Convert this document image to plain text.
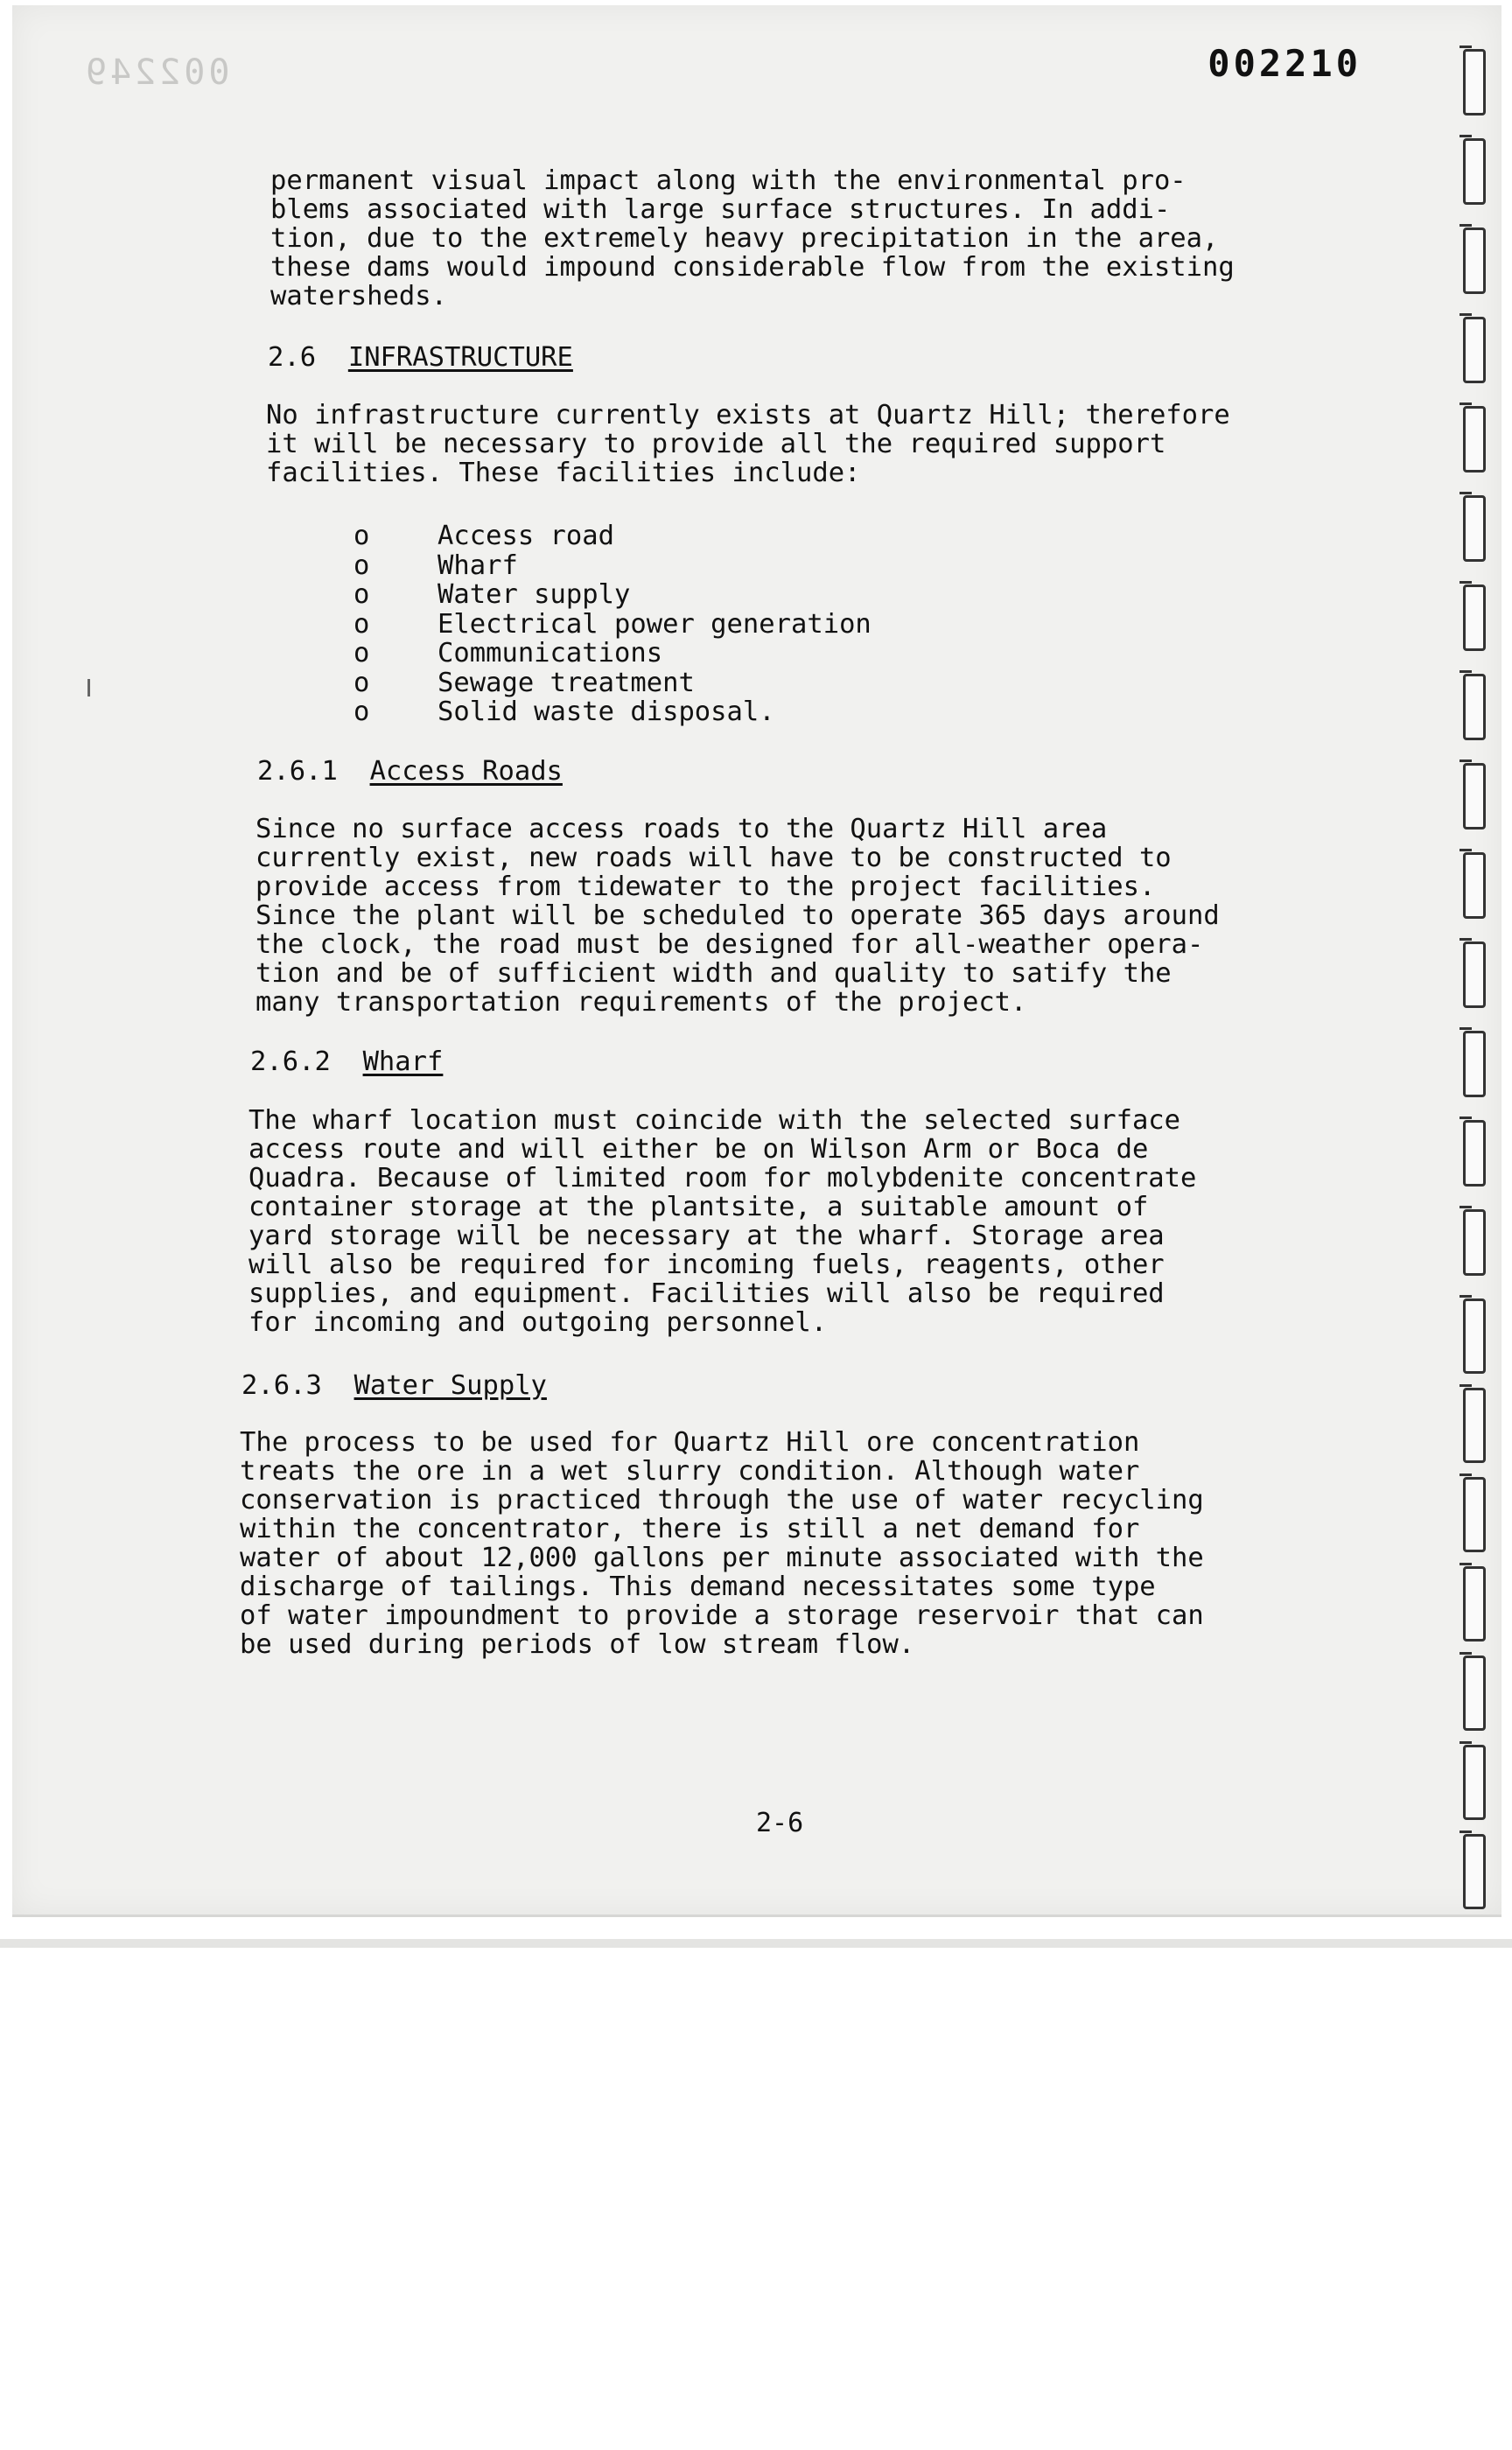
002249	002210
permanent visual impact along with the environmental pro-
blems associated with large surface structures. In addi-
tion, due to the extremely heavy precipitation in the area,
these dams would impound considerable flow from the existing
watersheds.
2.6 INFRASTRUCTURE
No infrastructure currently exists at Quartz Hill; therefore
it will be necessary to provide all the required support
facilities. These facilities include:
o	Access road
o	Wharf
o	Water supply
o	Electrical power generation
o	Communications
o	Sewage treatment
o	Solid waste disposal.
2.6.1 Access Roads
Since no surface access roads to the Quartz Hill area
currently exist, new roads will have to be constructed to
provide access from tidewater to the project facilities.
Since the plant will be scheduled to operate 365 days around
the clock, the road must be designed for all-weather opera-
tion and be of sufficient width and quality to satify the
many transportation requirements of the project.
2.6.2 Wharf
The wharf location must coincide with the selected surface
access route and will either be on Wilson Arm or Boca de
Quadra. Because of limited room for molybdenite concentrate
container storage at the plantsite, a suitable amount of
yard storage will be necessary at the wharf. Storage area
will also be required for incoming fuels, reagents, other
supplies, and equipment. Facilities will also be required
for incoming and outgoing personnel.
2.6.3 Water Supply
The process to be used for Quartz Hill ore concentration
treats the ore in a wet slurry condition. Although water
conservation is practiced through the use of water recycling
within the concentrator, there is still a net demand for
water of about 12,000 gallons per minute associated with the
discharge of tailings. This demand necessitates some type
of water impoundment to provide a storage reservoir that can
be used during periods of low stream flow.
2-6
